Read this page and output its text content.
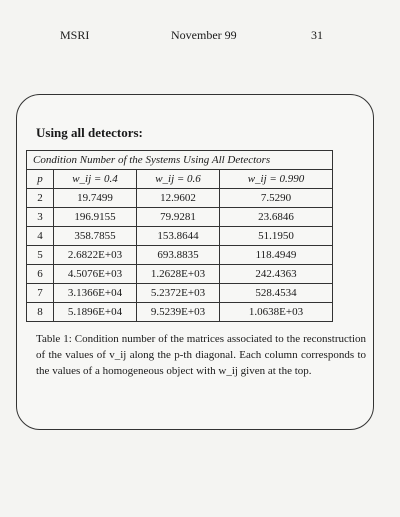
MSRI	November 99	31
Using all detectors:
Condition Number of the Systems Using All Detectors			
p	w_ij = 0.4	w_ij = 0.6	w_ij = 0.990
2	19.7499	12.9602	7.5290
3	196.9155	79.9281	23.6846
4	358.7855	153.8644	51.1950
5	2.6822E+03	693.8835	118.4949
6	4.5076E+03	1.2628E+03	242.4363
7	3.1366E+04	5.2372E+03	528.4534
8	5.1896E+04	9.5239E+03	1.0638E+03
Table 1: Condition number of the matrices associated to the reconstruction of the values of v_ij along the p-th diagonal. Each column corresponds to the values of a homogeneous object with w_ij given at the top.
